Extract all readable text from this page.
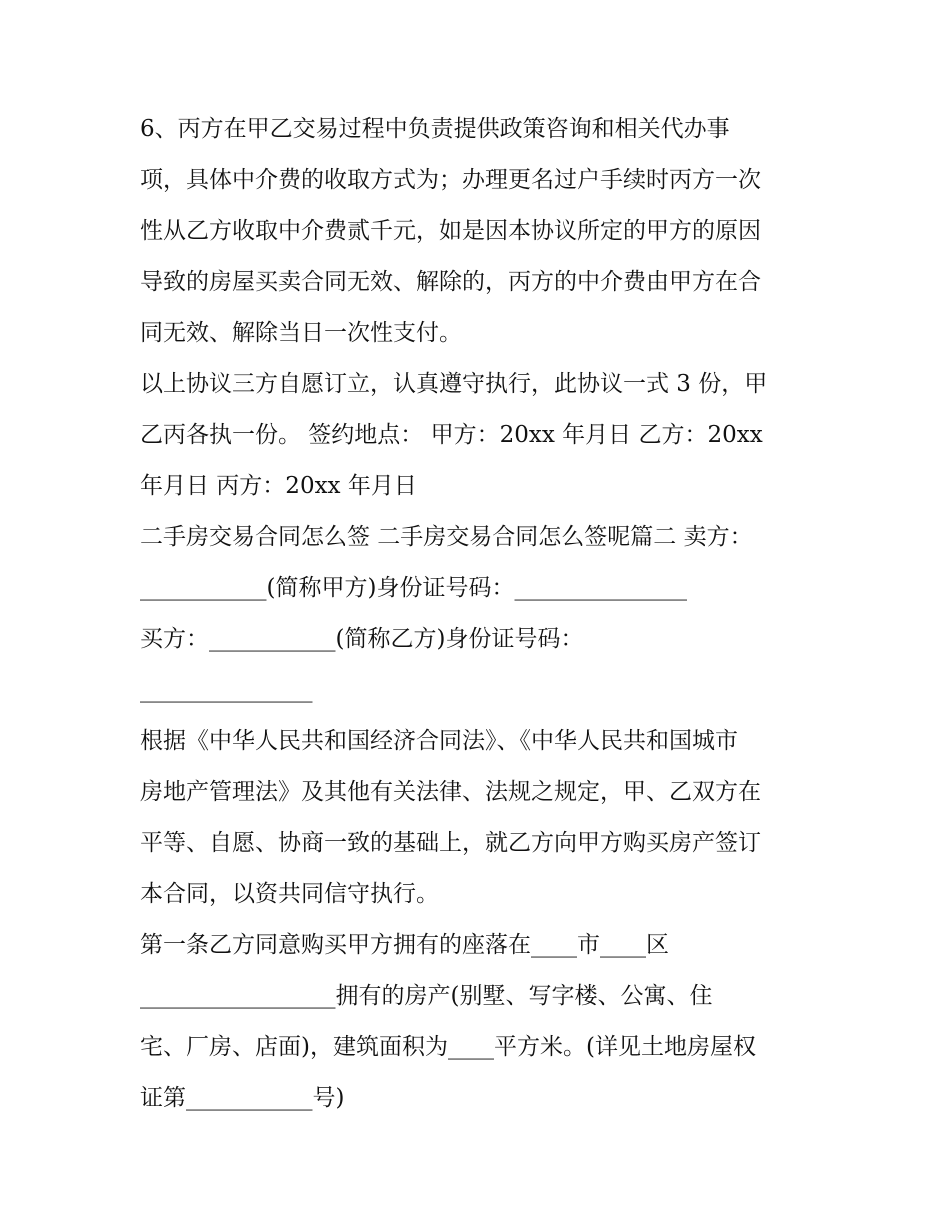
6、丙方在甲乙交易过程中负责提供政策咨询和相关代办事
项，具体中介费的收取方式为；办理更名过户手续时丙方一次
性从乙方收取中介费贰千元，如是因本协议所定的甲方的原因
导致的房屋买卖合同无效、解除的，丙方的中介费由甲方在合
同无效、解除当日一次性支付。
以上协议三方自愿订立，认真遵守执行，此协议一式 3 份，甲
乙丙各执一份。 签约地点： 甲方：20xx 年月日 乙方：20xx
年月日 丙方：20xx 年月日
二手房交易合同怎么签 二手房交易合同怎么签呢篇二 卖方：
___________(简称甲方)身份证号码：_______________
买方：___________(简称乙方)身份证号码：
_______________
根据《中华人民共和国经济合同法》、《中华人民共和国城市
房地产管理法》及其他有关法律、法规之规定，甲、乙双方在
平等、自愿、协商一致的基础上，就乙方向甲方购买房产签订
本合同，以资共同信守执行。
第一条乙方同意购买甲方拥有的座落在____市____区
_________________拥有的房产(别墅、写字楼、公寓、住
宅、厂房、店面)，建筑面积为____平方米。(详见土地房屋权
证第___________号)
